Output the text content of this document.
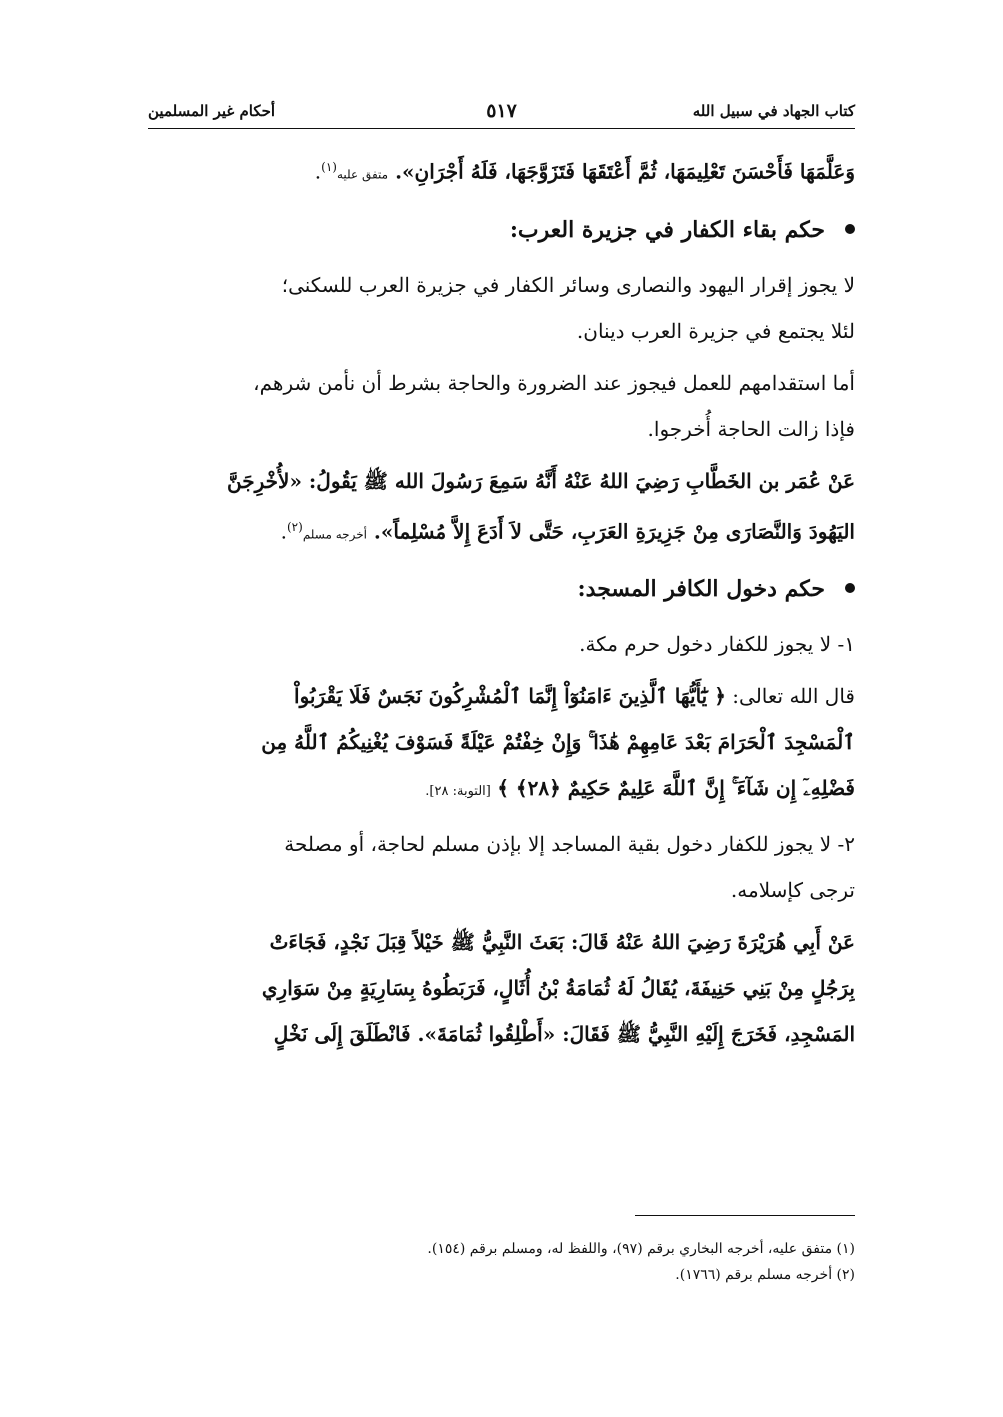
كتاب الجهاد في سبيل الله
٥١٧
أحكام غير المسلمين
وَعَلَّمَهَا فَأَحْسَنَ تَعْلِيمَهَا، ثُمَّ أَعْتَقَهَا فَتَزَوَّجَهَا، فَلَهُ أَجْرَانِ». متفق عليه$^{(١)}$.
حكم بقاء الكفار في جزيرة العرب:
لا يجوز إقرار اليهود والنصارى وسائر الكفار في جزيرة العرب للسكنى؛
لئلا يجتمع في جزيرة العرب دينان.
أما استقدامهم للعمل فيجوز عند الضرورة والحاجة بشرط أن نأمن شرهم،
فإذا زالت الحاجة أُخرجوا.
عَنْ عُمَر بن الخَطَّابِ رَضِيَ اللهُ عَنْهُ أَنَّهُ سَمِعَ رَسُولَ الله ﷺ يَقُولُ: «لأُخْرِجَنَّ
اليَهُودَ وَالنَّصَارَى مِنْ جَزِيرَةِ العَرَبِ، حَتَّى لاَ أَدَعَ إِلاَّ مُسْلِماً». أخرجه مسلم$^{(٢)}$.
حكم دخول الكافر المسجد:
١- لا يجوز للكفار دخول حرم مكة.
قال الله تعالى: ﴿ يَٰٓأَيُّهَا ٱلَّذِينَ ءَامَنُوٓاْ إِنَّمَا ٱلْمُشْرِكُونَ نَجَسٌ فَلَا يَقْرَبُواْ
ٱلْمَسْجِدَ ٱلْحَرَامَ بَعْدَ عَامِهِمْ هَٰذَا ۚ وَإِنْ خِفْتُمْ عَيْلَةً فَسَوْفَ يُغْنِيكُمُ ٱللَّهُ مِن
فَضْلِهِۦٓ إِن شَآءَ ۚ إِنَّ ٱللَّهَ عَلِيمٌ حَكِيمٌ ﴿٢٨﴾ ﴾ [التوبة: ٢٨].
٢- لا يجوز للكفار دخول بقية المساجد إلا بإذن مسلم لحاجة، أو مصلحة
ترجى كإسلامه.
عَنْ أَبِي هُرَيْرَةَ رَضِيَ اللهُ عَنْهُ قَالَ: بَعَثَ النَّبِيُّ ﷺ خَيْلاً قِبَلَ نَجْدٍ، فَجَاءَتْ
بِرَجُلٍ مِنْ بَنِي حَنِيفَةَ، يُقَالُ لَهُ ثُمَامَةُ بْنُ أُثَالٍ، فَرَبَطُوهُ بِسَارِيَةٍ مِنْ سَوَارِي
المَسْجِدِ، فَخَرَجَ إِلَيْهِ النَّبِيُّ ﷺ فَقَالَ: «أَطْلِقُوا ثُمَامَةَ». فَانْطَلَقَ إِلَى نَخْلٍ
(١) متفق عليه، أخرجه البخاري برقم (٩٧)، واللفظ له، ومسلم برقم (١٥٤).
(٢) أخرجه مسلم برقم (١٧٦٦).
